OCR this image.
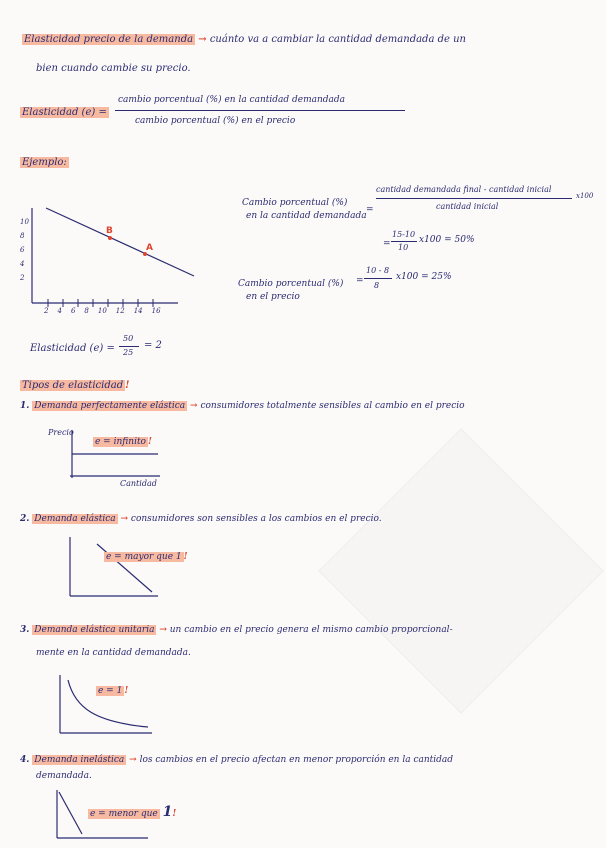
Elasticidad precio de la demanda → cuánto va a cambiar la cantidad demandada de un
bien cuando cambie su precio.
Elasticidad (e) =
cambio porcentual (%) en la cantidad demandada
cambio porcentual (%) en el precio
Ejemplo:
10
8
6
4
2
2 4 6 8 10 12 14 16
B
A
Cambio porcentual (%)
en la cantidad demandada
=
cantidad demandada final - cantidad inicial
cantidad inicial
x100
=
15-10
10
x100 = 50%
Cambio porcentual (%)
en el precio
=
10 - 8
8
x100 = 25%
Elasticidad (e) =
50
25
= 2
Tipos de elasticidad !
1. Demanda perfectamente elástica → consumidores totalmente sensibles al cambio en el precio
Precio
Cantidad
e = infinito !
2. Demanda elástica → consumidores son sensibles a los cambios en el precio.
e = mayor que 1 !
3. Demanda elástica unitaria → un cambio en el precio genera el mismo cambio proporcional-
mente en la cantidad demandada.
e = 1 !
4. Demanda inelástica → los cambios en el precio afectan en menor proporción en la cantidad
demandada.
e = menor que 1!
